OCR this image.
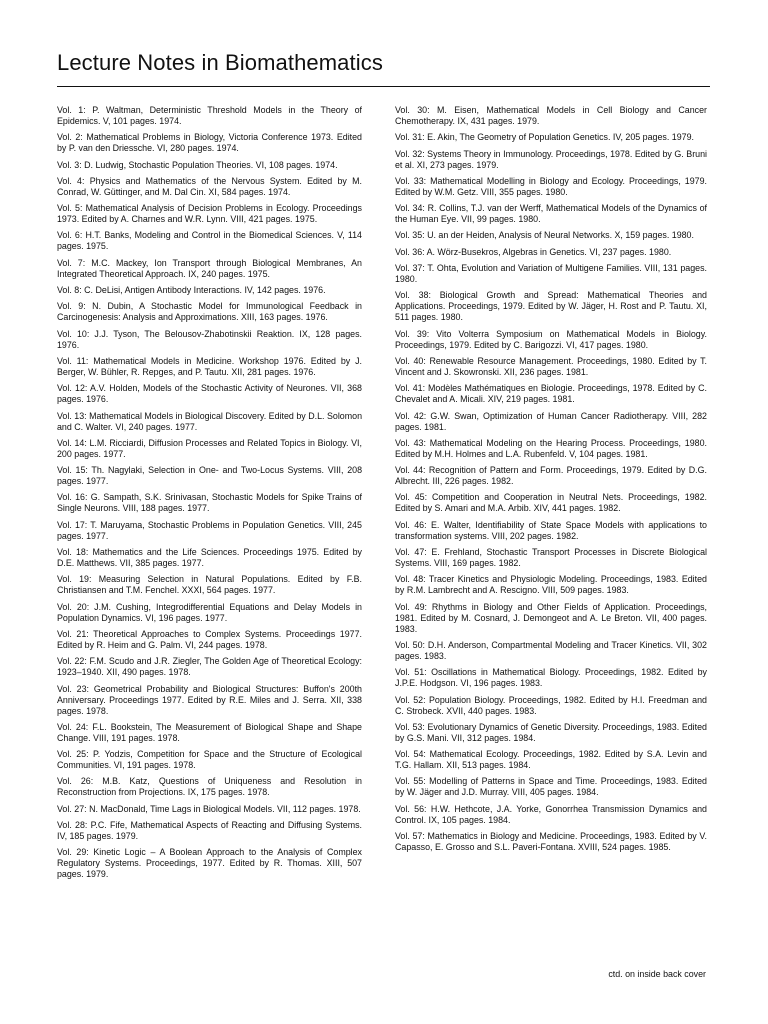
Lecture Notes in Biomathematics

Vol. 1: P. Waltman, Deterministic Threshold Models in the Theory of Epidemics. V, 101 pages. 1974.

Vol. 2: Mathematical Problems in Biology, Victoria Conference 1973. Edited by P. van den Driessche. VI, 280 pages. 1974.

Vol. 3: D. Ludwig, Stochastic Population Theories. VI, 108 pages. 1974.

Vol. 4: Physics and Mathematics of the Nervous System. Edited by M. Conrad, W. Güttinger, and M. Dal Cin. XI, 584 pages. 1974.

Vol. 5: Mathematical Analysis of Decision Problems in Ecology. Proceedings 1973. Edited by A. Charnes and W.R. Lynn. VIII, 421 pages. 1975.

Vol. 6: H.T. Banks, Modeling and Control in the Biomedical Sciences. V, 114 pages. 1975.

Vol. 7: M.C. Mackey, Ion Transport through Biological Membranes, An Integrated Theoretical Approach. IX, 240 pages. 1975.

Vol. 8: C. DeLisi, Antigen Antibody Interactions. IV, 142 pages. 1976.

Vol. 9: N. Dubin, A Stochastic Model for Immunological Feedback in Carcinogenesis: Analysis and Approximations. XIII, 163 pages. 1976.

Vol. 10: J.J. Tyson, The Belousov-Zhabotinskii Reaktion. IX, 128 pages. 1976.

Vol. 11: Mathematical Models in Medicine. Workshop 1976. Edited by J. Berger, W. Bühler, R. Repges, and P. Tautu. XII, 281 pages. 1976.

Vol. 12: A.V. Holden, Models of the Stochastic Activity of Neurones. VII, 368 pages. 1976.

Vol. 13: Mathematical Models in Biological Discovery. Edited by D.L. Solomon and C. Walter. VI, 240 pages. 1977.

Vol. 14: L.M. Ricciardi, Diffusion Processes and Related Topics in Biology. VI, 200 pages. 1977.

Vol. 15: Th. Nagylaki, Selection in One- and Two-Locus Systems. VIII, 208 pages. 1977.

Vol. 16: G. Sampath, S.K. Srinivasan, Stochastic Models for Spike Trains of Single Neurons. VIII, 188 pages. 1977.

Vol. 17: T. Maruyama, Stochastic Problems in Population Genetics. VIII, 245 pages. 1977.

Vol. 18: Mathematics and the Life Sciences. Proceedings 1975. Edited by D.E. Matthews. VII, 385 pages. 1977.

Vol. 19: Measuring Selection in Natural Populations. Edited by F.B. Christiansen and T.M. Fenchel. XXXI, 564 pages. 1977.

Vol. 20: J.M. Cushing, Integrodifferential Equations and Delay Models in Population Dynamics. VI, 196 pages. 1977.

Vol. 21: Theoretical Approaches to Complex Systems. Proceedings 1977. Edited by R. Heim and G. Palm. VI, 244 pages. 1978.

Vol. 22: F.M. Scudo and J.R. Ziegler, The Golden Age of Theoretical Ecology: 1923–1940. XII, 490 pages. 1978.

Vol. 23: Geometrical Probability and Biological Structures: Buffon's 200th Anniversary. Proceedings 1977. Edited by R.E. Miles and J. Serra. XII, 338 pages. 1978.

Vol. 24: F.L. Bookstein, The Measurement of Biological Shape and Shape Change. VIII, 191 pages. 1978.

Vol. 25: P. Yodzis, Competition for Space and the Structure of Ecological Communities. VI, 191 pages. 1978.

Vol. 26: M.B. Katz, Questions of Uniqueness and Resolution in Reconstruction from Projections. IX, 175 pages. 1978.

Vol. 27: N. MacDonald, Time Lags in Biological Models. VII, 112 pages. 1978.

Vol. 28: P.C. Fife, Mathematical Aspects of Reacting and Diffusing Systems. IV, 185 pages. 1979.

Vol. 29: Kinetic Logic – A Boolean Approach to the Analysis of Complex Regulatory Systems. Proceedings, 1977. Edited by R. Thomas. XIII, 507 pages. 1979.

Vol. 30: M. Eisen, Mathematical Models in Cell Biology and Cancer Chemotherapy. IX, 431 pages. 1979.

Vol. 31: E. Akin, The Geometry of Population Genetics. IV, 205 pages. 1979.

Vol. 32: Systems Theory in Immunology. Proceedings, 1978. Edited by G. Bruni et al. XI, 273 pages. 1979.

Vol. 33: Mathematical Modelling in Biology and Ecology. Proceedings, 1979. Edited by W.M. Getz. VIII, 355 pages. 1980.

Vol. 34: R. Collins, T.J. van der Werff, Mathematical Models of the Dynamics of the Human Eye. VII, 99 pages. 1980.

Vol. 35: U. an der Heiden, Analysis of Neural Networks. X, 159 pages. 1980.

Vol. 36: A. Wörz-Busekros, Algebras in Genetics. VI, 237 pages. 1980.

Vol. 37: T. Ohta, Evolution and Variation of Multigene Families. VIII, 131 pages. 1980.

Vol. 38: Biological Growth and Spread: Mathematical Theories and Applications. Proceedings, 1979. Edited by W. Jäger, H. Rost and P. Tautu. XI, 511 pages. 1980.

Vol. 39: Vito Volterra Symposium on Mathematical Models in Biology. Proceedings, 1979. Edited by C. Barigozzi. VI, 417 pages. 1980.

Vol. 40: Renewable Resource Management. Proceedings, 1980. Edited by T. Vincent and J. Skowronski. XII, 236 pages. 1981.

Vol. 41: Modèles Mathématiques en Biologie. Proceedings, 1978. Edited by C. Chevalet and A. Micali. XIV, 219 pages. 1981.

Vol. 42: G.W. Swan, Optimization of Human Cancer Radiotherapy. VIII, 282 pages. 1981.

Vol. 43: Mathematical Modeling on the Hearing Process. Proceedings, 1980. Edited by M.H. Holmes and L.A. Rubenfeld. V, 104 pages. 1981.

Vol. 44: Recognition of Pattern and Form. Proceedings, 1979. Edited by D.G. Albrecht. III, 226 pages. 1982.

Vol. 45: Competition and Cooperation in Neutral Nets. Proceedings, 1982. Edited by S. Amari and M.A. Arbib. XIV, 441 pages. 1982.

Vol. 46: E. Walter, Identifiability of State Space Models with applications to transformation systems. VIII, 202 pages. 1982.

Vol. 47: E. Frehland, Stochastic Transport Processes in Discrete Biological Systems. VIII, 169 pages. 1982.

Vol. 48: Tracer Kinetics and Physiologic Modeling. Proceedings, 1983. Edited by R.M. Lambrecht and A. Rescigno. VIII, 509 pages. 1983.

Vol. 49: Rhythms in Biology and Other Fields of Application. Proceedings, 1981. Edited by M. Cosnard, J. Demongeot and A. Le Breton. VII, 400 pages. 1983.

Vol. 50: D.H. Anderson, Compartmental Modeling and Tracer Kinetics. VII, 302 pages. 1983.

Vol. 51: Oscillations in Mathematical Biology. Proceedings, 1982. Edited by J.P.E. Hodgson. VI, 196 pages. 1983.

Vol. 52: Population Biology. Proceedings, 1982. Edited by H.I. Freedman and C. Strobeck. XVII, 440 pages. 1983.

Vol. 53: Evolutionary Dynamics of Genetic Diversity. Proceedings, 1983. Edited by G.S. Mani. VII, 312 pages. 1984.

Vol. 54: Mathematical Ecology. Proceedings, 1982. Edited by S.A. Levin and T.G. Hallam. XII, 513 pages. 1984.

Vol. 55: Modelling of Patterns in Space and Time. Proceedings, 1983. Edited by W. Jäger and J.D. Murray. VIII, 405 pages. 1984.

Vol. 56: H.W. Hethcote, J.A. Yorke, Gonorrhea Transmission Dynamics and Control. IX, 105 pages. 1984.

Vol. 57: Mathematics in Biology and Medicine. Proceedings, 1983. Edited by V. Capasso, E. Grosso and S.L. Paveri-Fontana. XVIII, 524 pages. 1985.

ctd. on inside back cover
